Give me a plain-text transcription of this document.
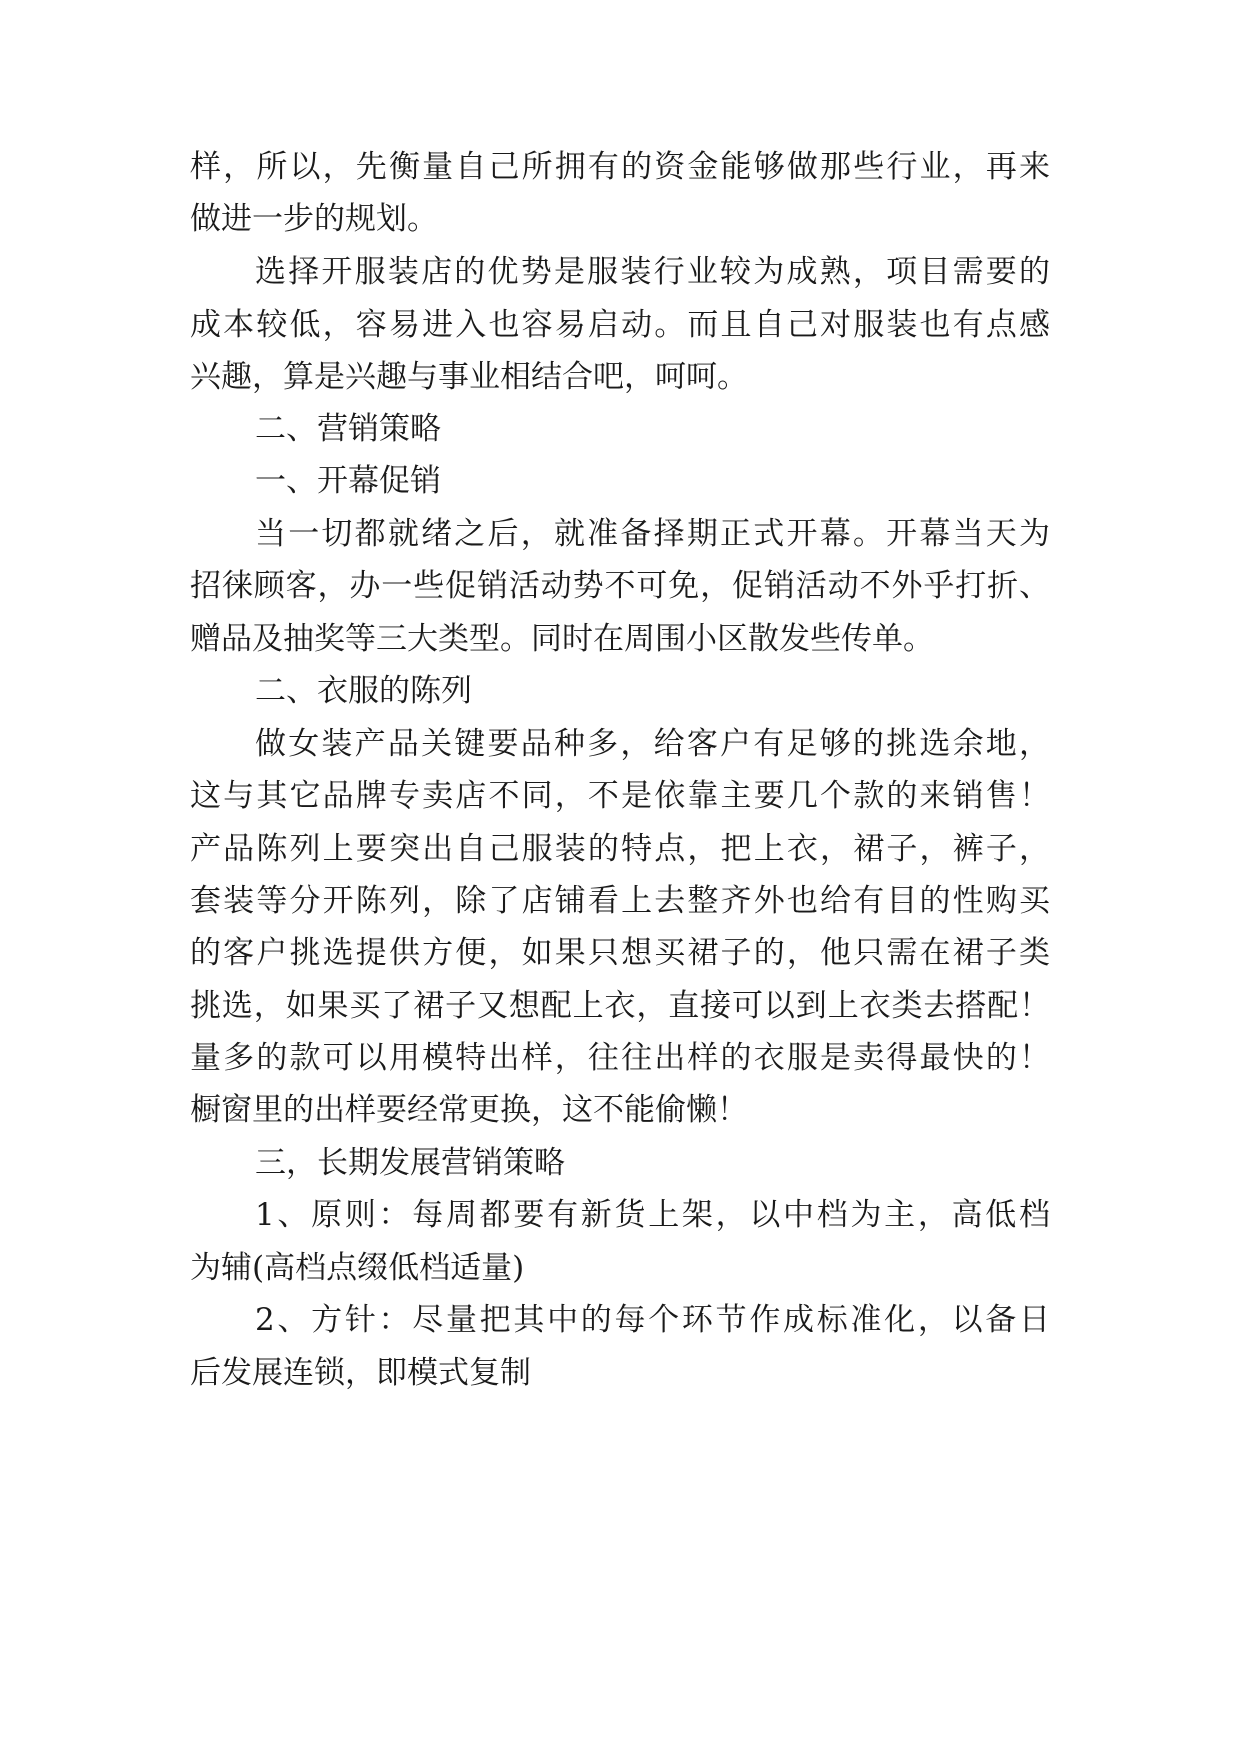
样，所以，先衡量自己所拥有的资金能够做那些行业，再来
做进一步的规划。
选择开服装店的优势是服装行业较为成熟，项目需要的
成本较低，容易进入也容易启动。而且自己对服装也有点感
兴趣，算是兴趣与事业相结合吧，呵呵。
二、营销策略
一、开幕促销
当一切都就绪之后，就准备择期正式开幕。开幕当天为
招徕顾客，办一些促销活动势不可免，促销活动不外乎打折、
赠品及抽奖等三大类型。同时在周围小区散发些传单。
二、衣服的陈列
做女装产品关键要品种多，给客户有足够的挑选余地，
这与其它品牌专卖店不同，不是依靠主要几个款的来销售！
产品陈列上要突出自己服装的特点，把上衣，裙子，裤子，
套装等分开陈列，除了店铺看上去整齐外也给有目的性购买
的客户挑选提供方便，如果只想买裙子的，他只需在裙子类
挑选，如果买了裙子又想配上衣，直接可以到上衣类去搭配！
量多的款可以用模特出样，往往出样的衣服是卖得最快的！
橱窗里的出样要经常更换，这不能偷懒！
三，长期发展营销策略
1、原则：每周都要有新货上架，以中档为主，高低档
为辅(高档点缀低档适量)
2、方针：尽量把其中的每个环节作成标准化，以备日
后发展连锁，即模式复制
